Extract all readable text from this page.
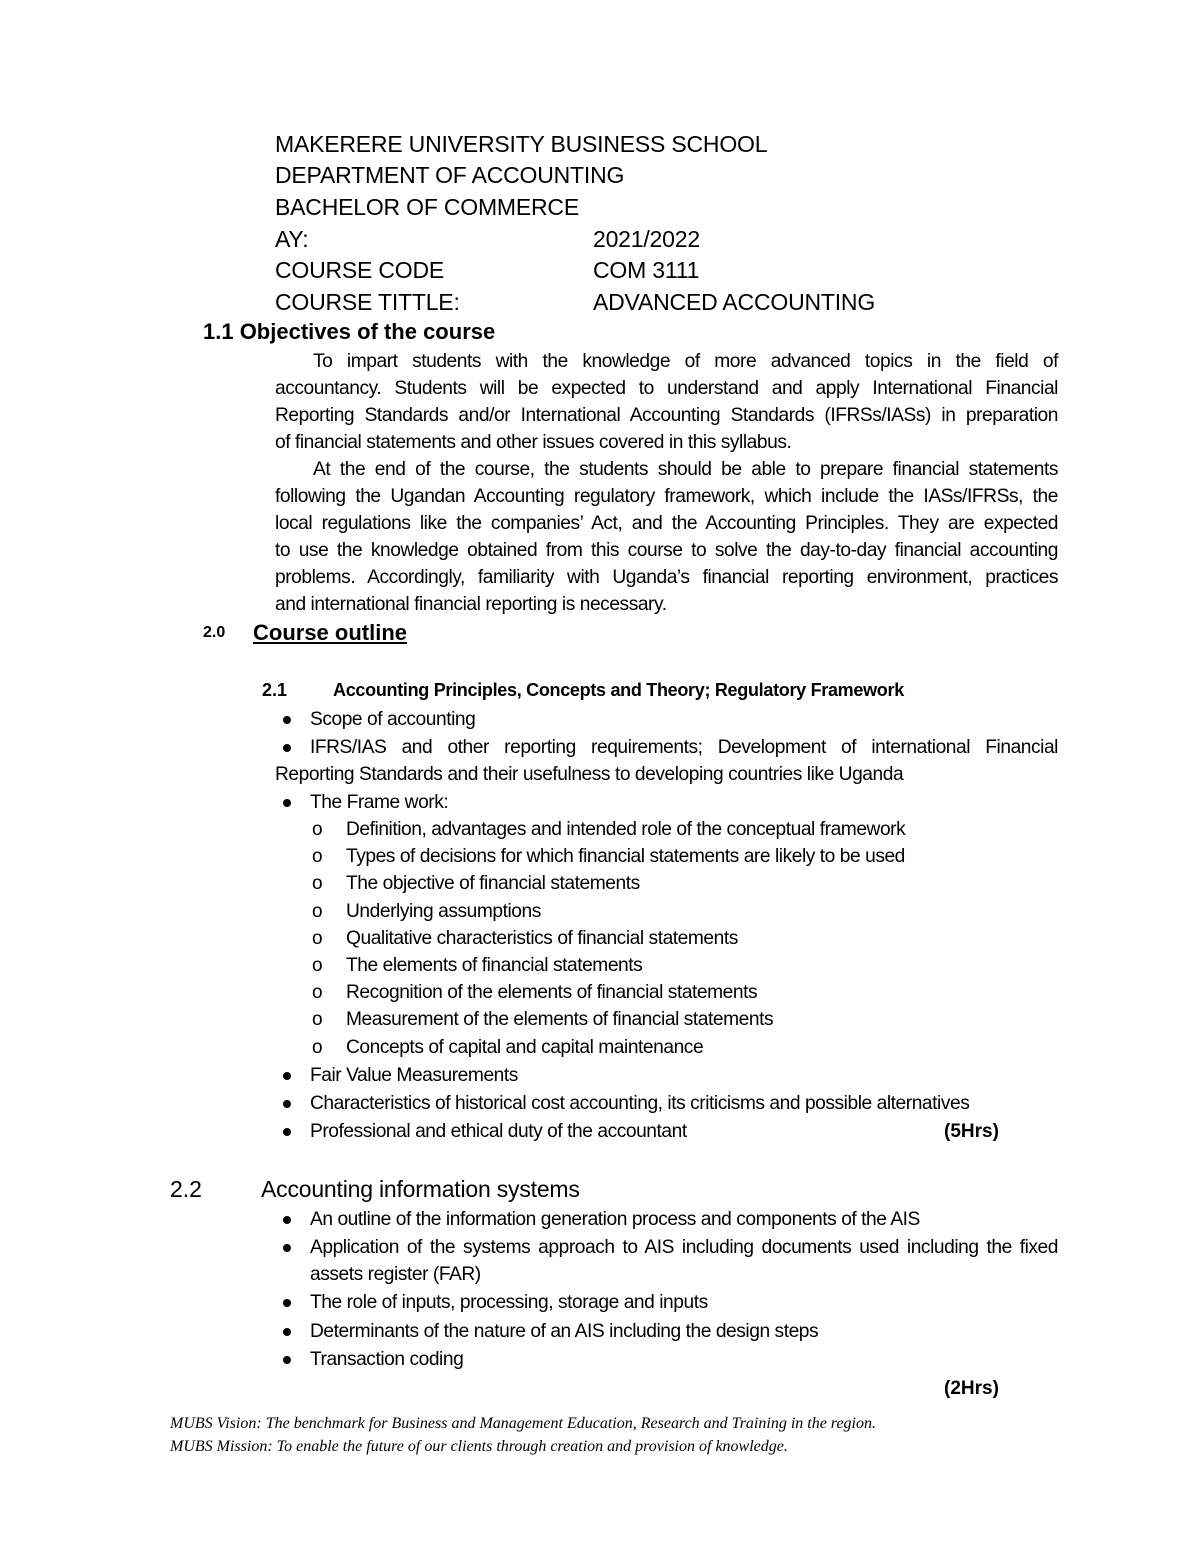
MAKERERE UNIVERSITY BUSINESS SCHOOL
DEPARTMENT OF ACCOUNTING
BACHELOR OF COMMERCE
AY:	2021/2022
COURSE CODE	COM 3111
COURSE TITTLE:	ADVANCED ACCOUNTING
1.1 Objectives of the course
To impart students with the knowledge of more advanced topics in the field of
accountancy. Students will be expected to understand and apply International Financial
Reporting Standards and/or International Accounting Standards (IFRSs/IASs) in preparation
of financial statements and other issues covered in this syllabus.
At the end of the course, the students should be able to prepare financial statements
following the Ugandan Accounting regulatory framework, which include the IASs/IFRSs, the
local regulations like the companies’ Act, and the Accounting Principles. They are expected
to use the knowledge obtained from this course to solve the day-to-day financial accounting
problems. Accordingly, familiarity with Uganda’s financial reporting environment, practices
and international financial reporting is necessary.
2.0 Course outline
2.1	Accounting Principles, Concepts and Theory; Regulatory Framework
Scope of accounting
IFRS/IAS and other reporting requirements; Development of international Financial
Reporting Standards and their usefulness to developing countries like Uganda
The Frame work:
o Definition, advantages and intended role of the conceptual framework
o Types of decisions for which financial statements are likely to be used
o The objective of financial statements
o Underlying assumptions
o Qualitative characteristics of financial statements
o The elements of financial statements
o Recognition of the elements of financial statements
o Measurement of the elements of financial statements
o Concepts of capital and capital maintenance
Fair Value Measurements
Characteristics of historical cost accounting, its criticisms and possible alternatives
Professional and ethical duty of the accountant	(5Hrs)
2.2	Accounting information systems
An outline of the information generation process and components of the AIS
Application of the systems approach to AIS including documents used including the fixed
assets register (FAR)
The role of inputs, processing, storage and inputs
Determinants of the nature of an AIS including the design steps
Transaction coding
(2Hrs)
MUBS Vision: The benchmark for Business and Management Education, Research and Training in the region.
MUBS Mission: To enable the future of our clients through creation and provision of knowledge.
